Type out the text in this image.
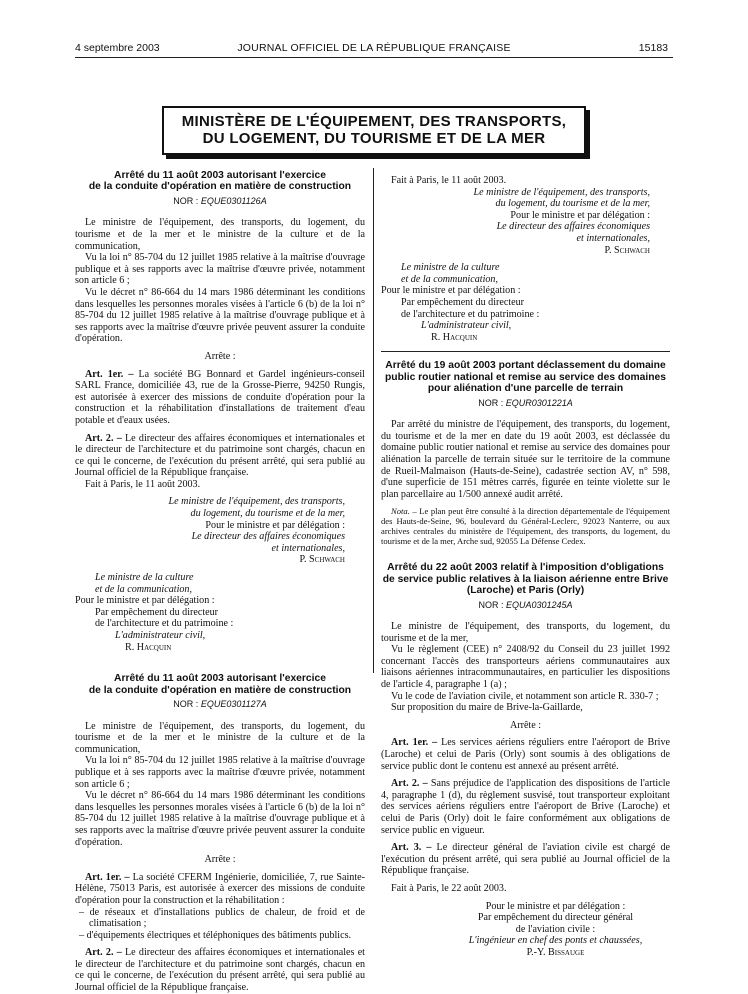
4 septembre 2003	JOURNAL OFFICIEL DE LA RÉPUBLIQUE FRANÇAISE	15183
MINISTÈRE DE L'ÉQUIPEMENT, DES TRANSPORTS,
DU LOGEMENT, DU TOURISME ET DE LA MER
Arrêté du 11 août 2003 autorisant l'exercice
de la conduite d'opération en matière de construction
NOR : EQUE0301126A

Le ministre de l'équipement, des transports, du logement, du tourisme et de la mer et le ministre de la culture et de la communication,

Vu la loi n° 85-704 du 12 juillet 1985 relative à la maîtrise d'ouvrage publique et à ses rapports avec la maîtrise d'œuvre privée, notamment son article 6 ;

Vu le décret n° 86-664 du 14 mars 1986 déterminant les conditions dans lesquelles les personnes morales visées à l'article 6 (b) de la loi n° 85-704 du 12 juillet 1985 relative à la maîtrise d'ouvrage publique et à ses rapports avec la maîtrise d'œuvre privée peuvent assurer la conduite d'opération.

Arrête :

Art. 1er. – La société BG Bonnard et Gardel ingénieurs-conseil SARL France, domiciliée 43, rue de la Grosse-Pierre, 94250 Rungis, est autorisée à exercer des missions de conduite d'opération pour la construction et la réhabilitation d'installations de traitement d'eau potable et d'eaux usées.

Art. 2. – Le directeur des affaires économiques et internationales et le directeur de l'architecture et du patrimoine sont chargés, chacun en ce qui le concerne, de l'exécution du présent arrêté, qui sera publié au Journal officiel de la République française.

Fait à Paris, le 11 août 2003.

Le ministre de l'équipement, des transports,
du logement, du tourisme et de la mer,
Pour le ministre et par délégation :
Le directeur des affaires économiques
et internationales,
P. Schwach
Le ministre de la culture
et de la communication,
Pour le ministre et par délégation :
Par empêchement du directeur
de l'architecture et du patrimoine :
L'administrateur civil,
R. Hacquin
Arrêté du 11 août 2003 autorisant l'exercice
de la conduite d'opération en matière de construction
NOR : EQUE0301127A

Le ministre de l'équipement, des transports, du logement, du tourisme et de la mer et le ministre de la culture et de la communication,

Vu la loi n° 85-704 du 12 juillet 1985 relative à la maîtrise d'ouvrage publique et à ses rapports avec la maîtrise d'œuvre privée, notamment son article 6 ;

Vu le décret n° 86-664 du 14 mars 1986 déterminant les conditions dans lesquelles les personnes morales visées à l'article 6 (b) de la loi n° 85-704 du 12 juillet 1985 relative à la maîtrise d'ouvrage publique et à ses rapports avec la maîtrise d'œuvre privée peuvent assurer la conduite d'opération.

Arrête :

Art. 1er. – La société CFERM Ingénierie, domiciliée, 7, rue Sainte-Hélène, 75013 Paris, est autorisée à exercer des missions de conduite d'opération pour la construction et la réhabilitation :

– de réseaux et d'installations publics de chaleur, de froid et de climatisation ;
– d'équipements électriques et téléphoniques des bâtiments publics.

Art. 2. – Le directeur des affaires économiques et internationales et le directeur de l'architecture et du patrimoine sont chargés, chacun en ce qui le concerne, de l'exécution du présent arrêté, qui sera publié au Journal officiel de la République française.

Fait à Paris, le 11 août 2003.

Le ministre de l'équipement, des transports,
du logement, du tourisme et de la mer,
Pour le ministre et par délégation :
Le directeur des affaires économiques
et internationales,
P. Schwach
Le ministre de la culture
et de la communication,
Pour le ministre et par délégation :
Par empêchement du directeur
de l'architecture et du patrimoine :
L'administrateur civil,
R. Hacquin
Arrêté du 19 août 2003 portant déclassement du domaine public routier national et remise au service des domaines pour aliénation d'une parcelle de terrain
NOR : EQUR0301221A

Par arrêté du ministre de l'équipement, des transports, du logement, du tourisme et de la mer en date du 19 août 2003, est déclassée du domaine public routier national et remise au service des domaines pour aliénation la parcelle de terrain située sur le territoire de la commune de Rueil-Malmaison (Hauts-de-Seine), cadastrée section AV, n° 598, d'une superficie de 151 mètres carrés, figurée en teinte violette sur le plan parcellaire au 1/500 annexé audit arrêté.

Nota. – Le plan peut être consulté à la direction départementale de l'équipement des Hauts-de-Seine, 96, boulevard du Général-Leclerc, 92023 Nanterre, ou aux archives centrales du ministère de l'équipement, des transports, du logement, du tourisme et de la mer, Arche sud, 92055 La Défense Cedex.

Arrêté du 22 août 2003 relatif à l'imposition d'obligations de service public relatives à la liaison aérienne entre Brive (Laroche) et Paris (Orly)
NOR : EQUA0301245A

Le ministre de l'équipement, des transports, du logement, du tourisme et de la mer,

Vu le règlement (CEE) n° 2408/92 du Conseil du 23 juillet 1992 concernant l'accès des transporteurs aériens communautaires aux liaisons aériennes intracommunautaires, en particulier les dispositions de l'article 4, paragraphe 1 (a) ;

Vu le code de l'aviation civile, et notamment son article R. 330-7 ;

Sur proposition du maire de Brive-la-Gaillarde,

Arrête :

Art. 1er. – Les services aériens réguliers entre l'aéroport de Brive (Laroche) et celui de Paris (Orly) sont soumis à des obligations de service public dont le contenu est annexé au présent arrêté.

Art. 2. – Sans préjudice de l'application des dispositions de l'article 4, paragraphe 1 (d), du règlement susvisé, tout transporteur exploitant des services aériens réguliers entre l'aéroport de Brive (Laroche) et celui de Paris (Orly) doit le faire conformément aux obligations de service public en vigueur.

Art. 3. – Le directeur général de l'aviation civile est chargé de l'exécution du présent arrêté, qui sera publié au Journal officiel de la République française.

Fait à Paris, le 22 août 2003.

Pour le ministre et par délégation :
Par empêchement du directeur général
de l'aviation civile :
L'ingénieur en chef des ponts et chaussées,
P.-Y. Bissauge
